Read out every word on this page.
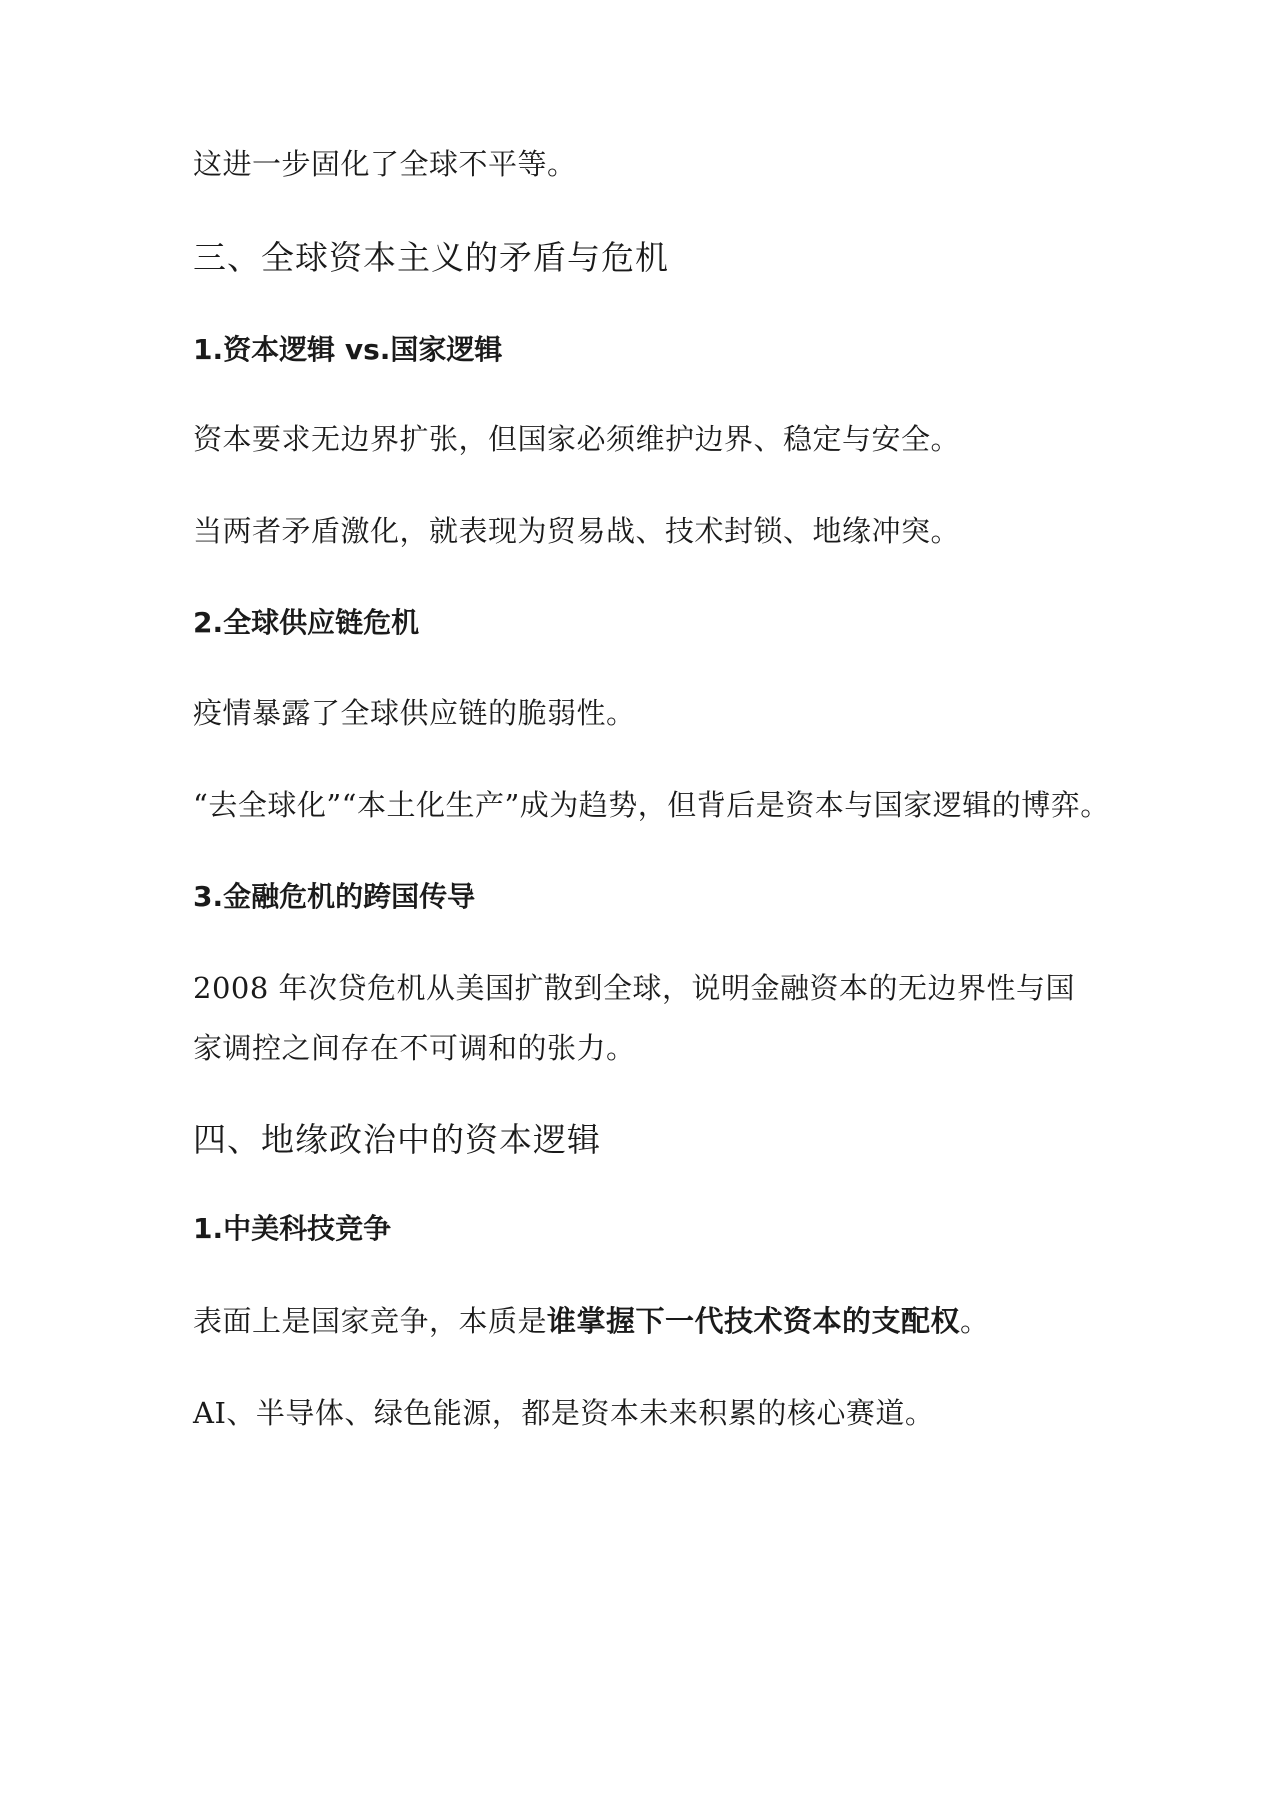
这进一步固化了全球不平等。
三、全球资本主义的矛盾与危机
1.资本逻辑 vs.国家逻辑
资本要求无边界扩张，但国家必须维护边界、稳定与安全。
当两者矛盾激化，就表现为贸易战、技术封锁、地缘冲突。
2.全球供应链危机
疫情暴露了全球供应链的脆弱性。
“去全球化”“本土化生产”成为趋势，但背后是资本与国家逻辑的博弈。
3.金融危机的跨国传导
2008 年次贷危机从美国扩散到全球，说明金融资本的无边界性与国
家调控之间存在不可调和的张力。
四、地缘政治中的资本逻辑
1.中美科技竞争
表面上是国家竞争，本质是谁掌握下一代技术资本的支配权。
AI、半导体、绿色能源，都是资本未来积累的核心赛道。
